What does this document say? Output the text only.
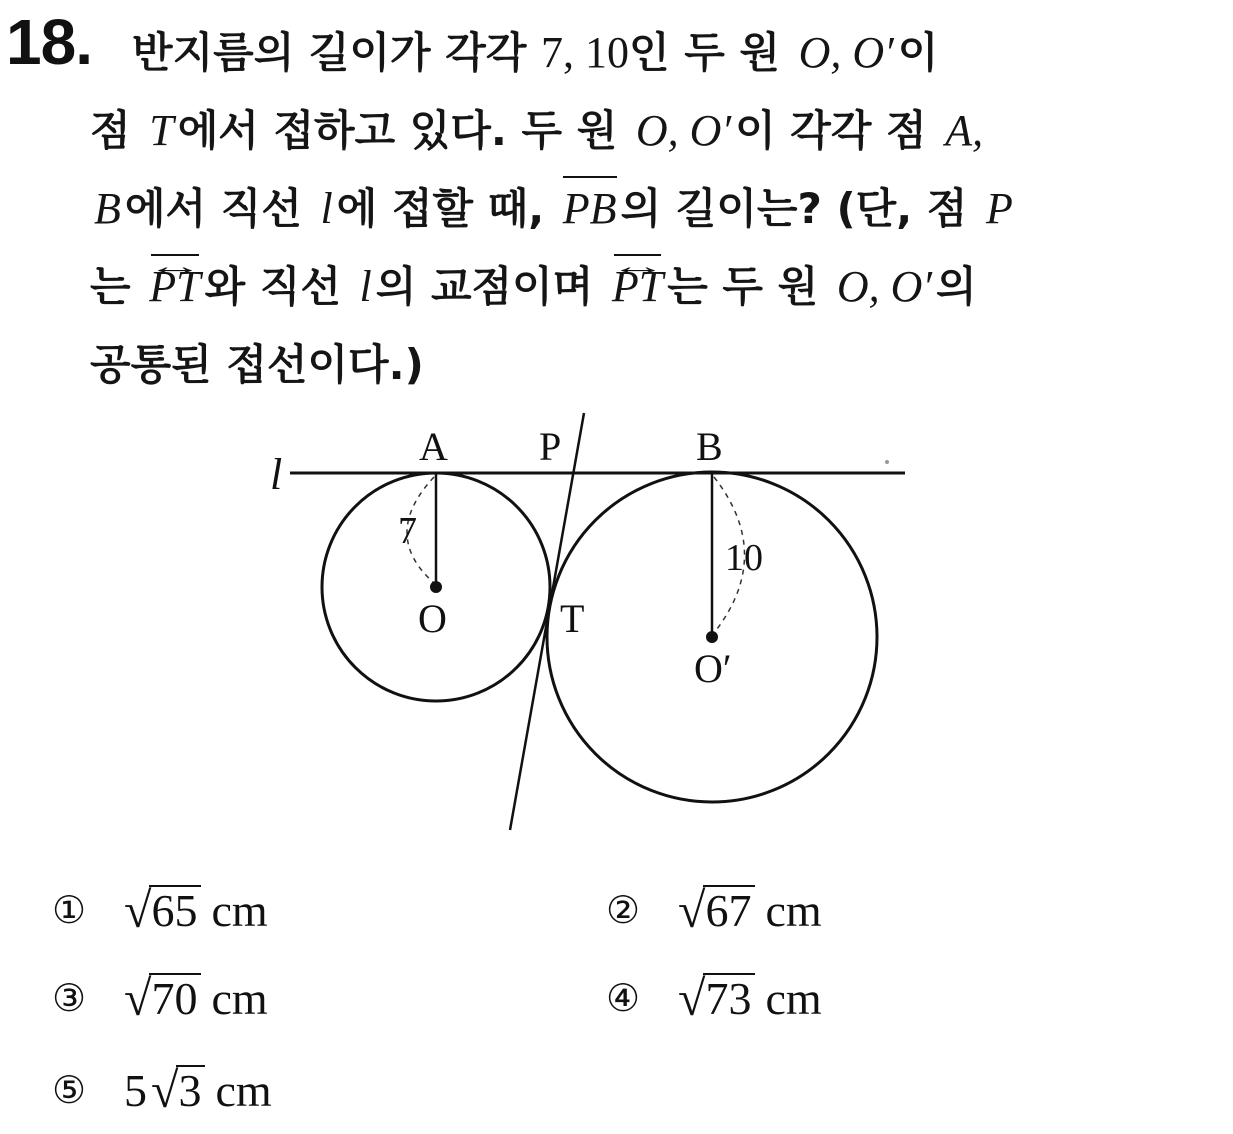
18. 반지름의 길이가 각각 7, 10인 두 원 O, O′이
점 T에서 접하고 있다. 두 원 O, O′이 각각 점 A,
B에서 직선 l에 접할 때, PB의 길이는? (단, 점 P
는 PT ↔와 직선 l의 교점이며 PT ↔는 두 원 O, O′의
공통된 접선이다.)
l
A P	B
O	T
O′
7
10
① √ 65 cm	② √ 67 cm
③ √ 70 cm	④ √ 73 cm
⑤ 5 √ 3 cm
